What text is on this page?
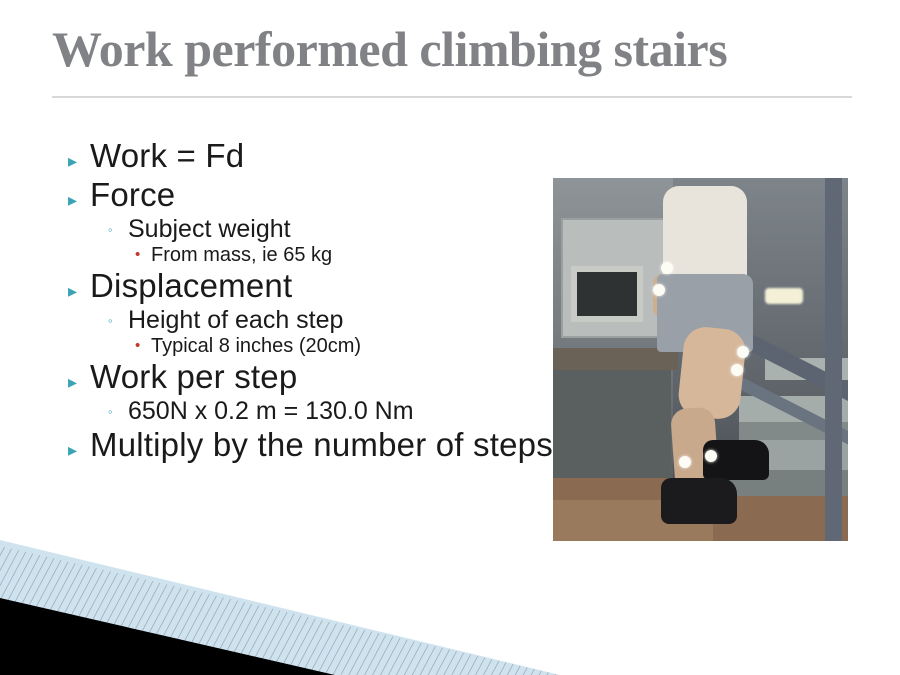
Work performed climbing stairs
▸ Work = Fd
▸ Force
◦ Subject weight
• From mass, ie 65 kg
▸ Displacement
◦ Height of each step
• Typical 8 inches (20cm)
▸ Work per step
◦ 650N x 0.2 m = 130.0 Nm
▸ Multiply by the number of steps
